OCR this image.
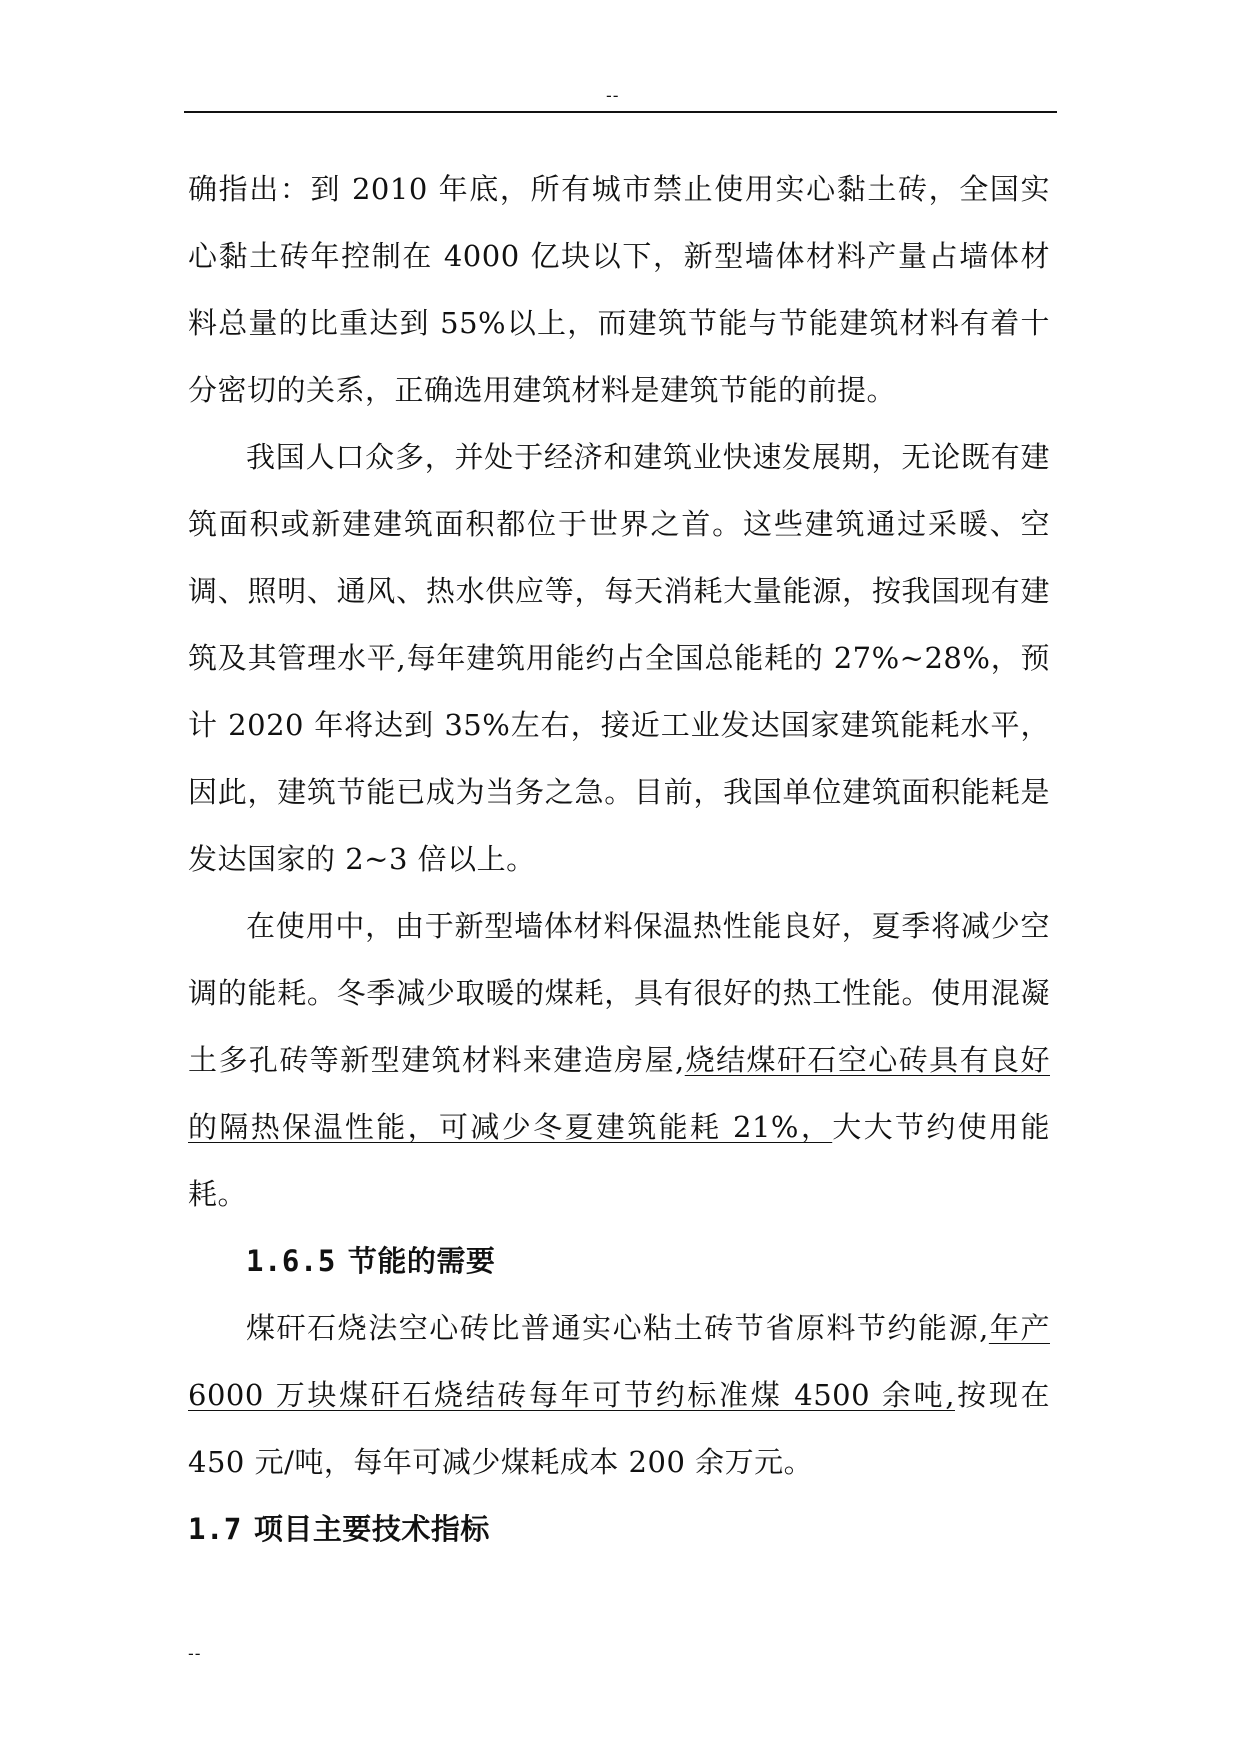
--

确指出：到 2010 年底，所有城市禁止使用实心黏土砖，全国实心黏土砖年控制在 4000 亿块以下，新型墙体材料产量占墙体材料总量的比重达到 55%以上，而建筑节能与节能建筑材料有着十分密切的关系，正确选用建筑材料是建筑节能的前提。

我国人口众多，并处于经济和建筑业快速发展期，无论既有建筑面积或新建建筑面积都位于世界之首。这些建筑通过采暖、空调、照明、通风、热水供应等，每天消耗大量能源，按我国现有建筑及其管理水平,每年建筑用能约占全国总能耗的 27%~28%，预计 2020 年将达到 35%左右，接近工业发达国家建筑能耗水平，因此，建筑节能已成为当务之急。目前，我国单位建筑面积能耗是发达国家的 2~3 倍以上。

在使用中，由于新型墙体材料保温热性能良好，夏季将减少空调的能耗。冬季减少取暖的煤耗，具有很好的热工性能。使用混凝土多孔砖等新型建筑材料来建造房屋,烧结煤矸石空心砖具有良好的隔热保温性能，可减少冬夏建筑能耗 21%，大大节约使用能耗。

1.6.5 节能的需要

煤矸石烧法空心砖比普通实心粘土砖节省原料节约能源,年产 6000 万块煤矸石烧结砖每年可节约标准煤 4500 余吨,按现在 450 元/吨，每年可减少煤耗成本 200 余万元。

1.7 项目主要技术指标
--
